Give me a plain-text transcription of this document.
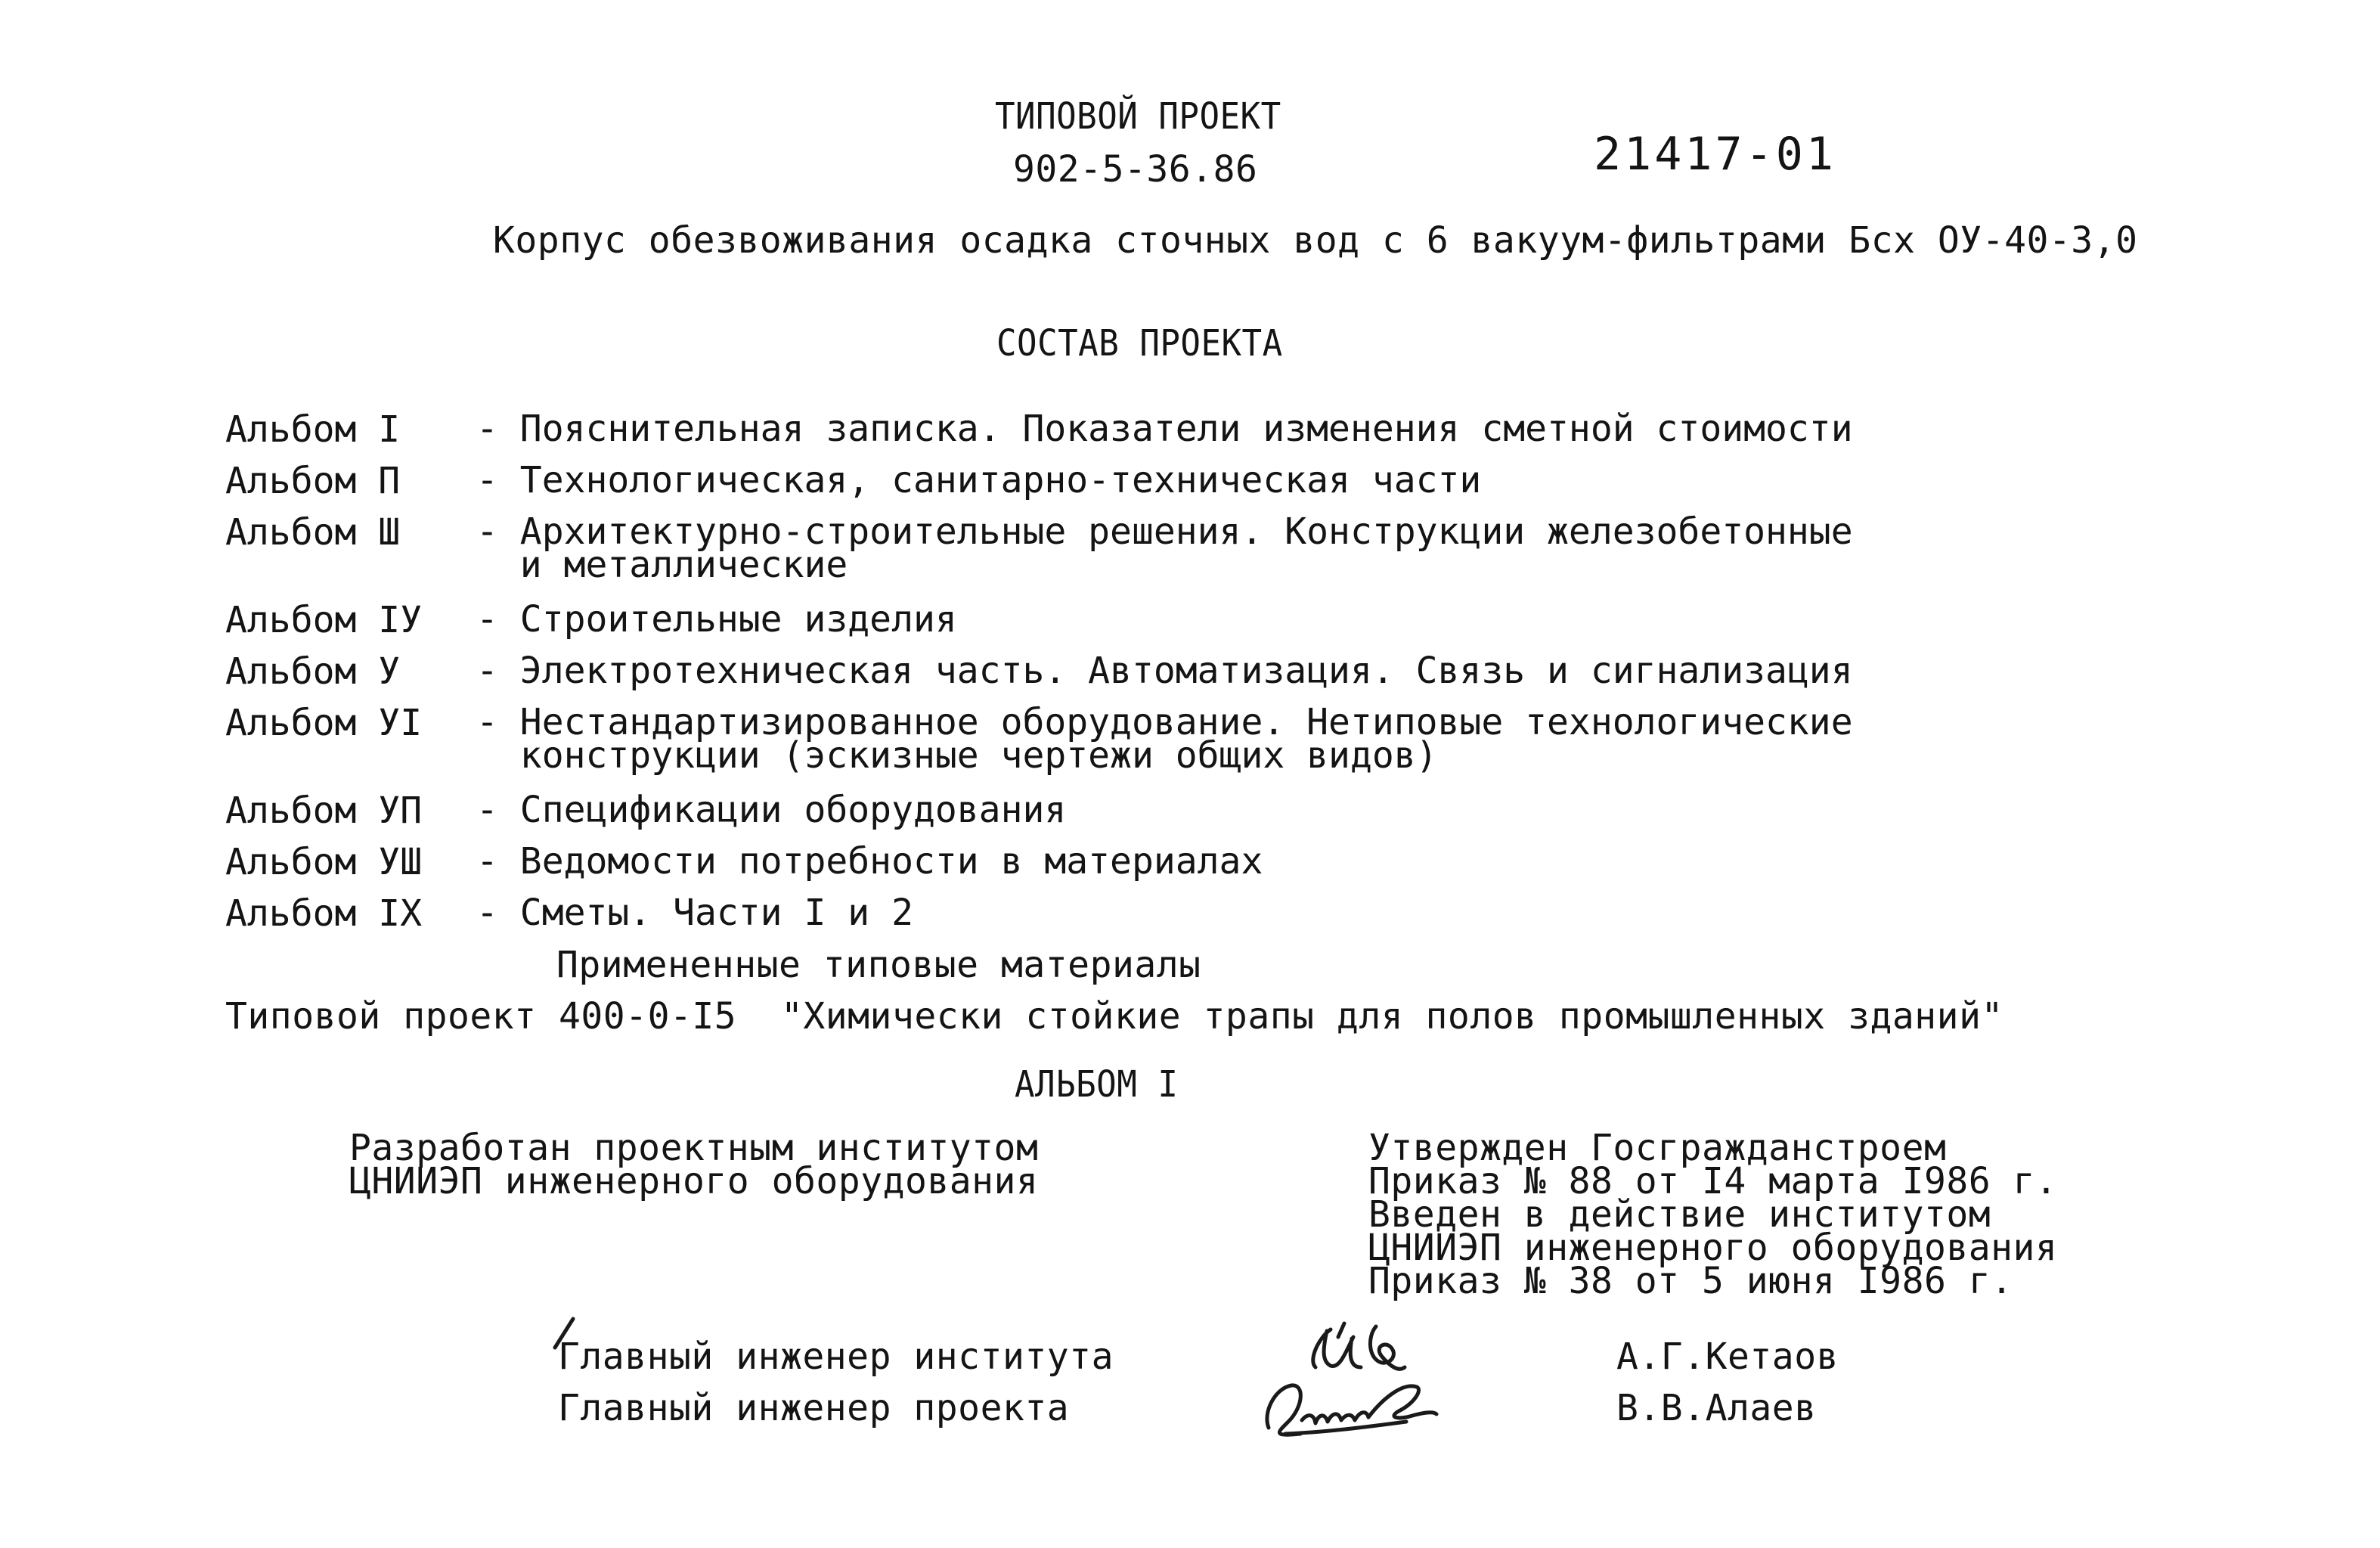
ТИПОВОЙ ПРОЕКТ
902-5-36.86	21417-01
Корпус обезвоживания осадка сточных вод с 6 вакуум-фильтрами Бсх ОУ-40-3,0
СОСТАВ ПРОЕКТА
Альбом I - Пояснительная записка. Показатели изменения сметной стоимости
Альбом П - Технологическая, санитарно-техническая части
Альбом Ш - Архитектурно-строительные решения. Конструкции железобетонные
и металлические
Альбом IУ - Строительные изделия
Альбом У - Электротехническая часть. Автоматизация. Связь и сигнализация
Альбом УI - Нестандартизированное оборудование. Нетиповые технологические
конструкции (эскизные чертежи общих видов)
Альбом УП - Спецификации оборудования
Альбом УШ - Ведомости потребности в материалах
Альбом IХ - Сметы. Части I и 2
Примененные типовые материалы
Типовой проект 400-0-I5  "Химически стойкие трапы для полов промышленных зданий"
АЛЬБОМ I
Разработан проектным институтом
ЦНИИЭП инженерного оборудования
Утвержден Госгражданстроем
Приказ № 88 от I4 марта I986 г.
Введен в действие институтом
ЦНИИЭП инженерного оборудования
Приказ № 38 от 5 июня I986 г.
Главный инженер института	А.Г.Кетаов
Главный инженер проекта	В.В.Алаев
